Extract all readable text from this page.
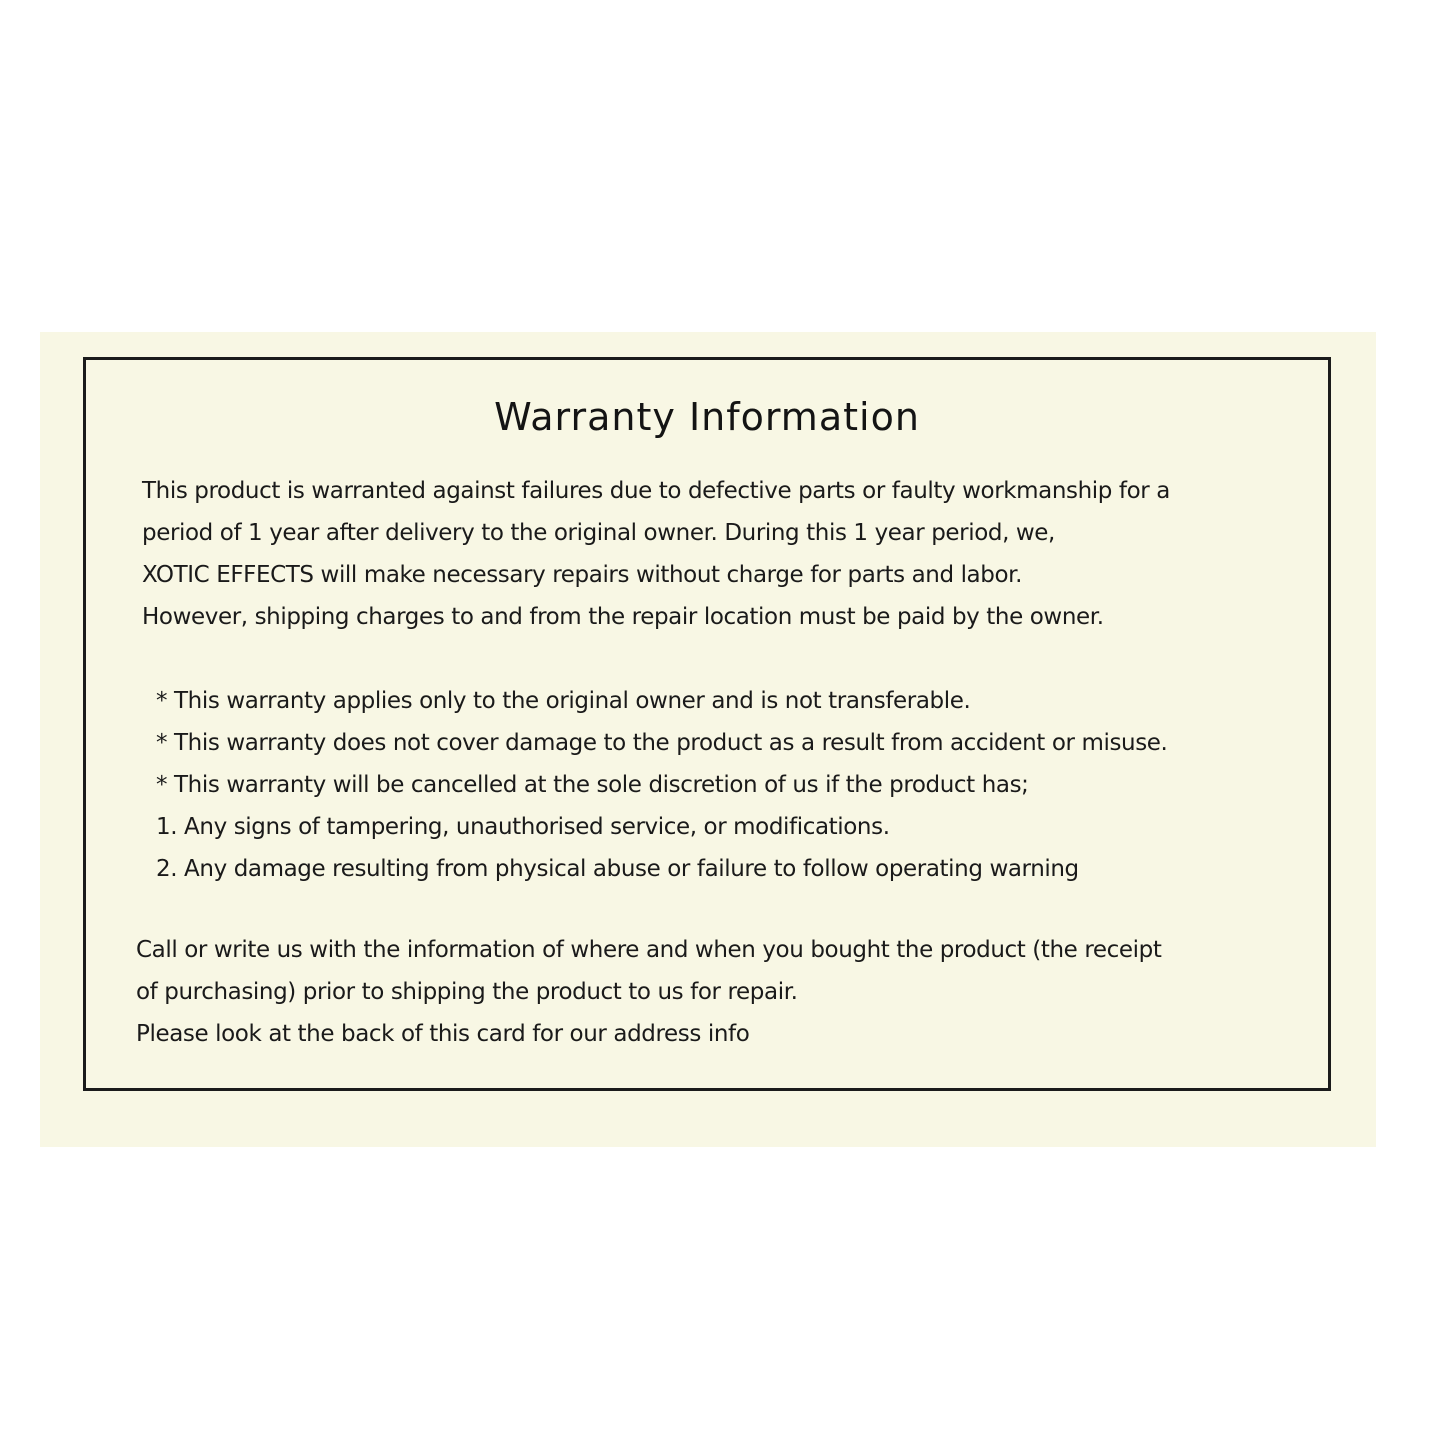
Warranty Information
This product is warranted against failures due to defective parts or faulty workmanship for a
period of 1 year after delivery to the original owner. During this 1 year period, we,
XOTIC EFFECTS will make necessary repairs without charge for parts and labor.
However, shipping charges to and from the repair location must be paid by the owner.
* This warranty applies only to the original owner and is not transferable.
* This warranty does not cover damage to the product as a result from accident or misuse.
* This warranty will be cancelled at the sole discretion of us if the product has;
1. Any signs of tampering, unauthorised service, or modifications.
2. Any damage resulting from physical abuse or failure to follow operating warning
Call or write us with the information of where and when you bought the product (the receipt
of purchasing) prior to shipping the product to us for repair.
Please look at the back of this card for our address info
